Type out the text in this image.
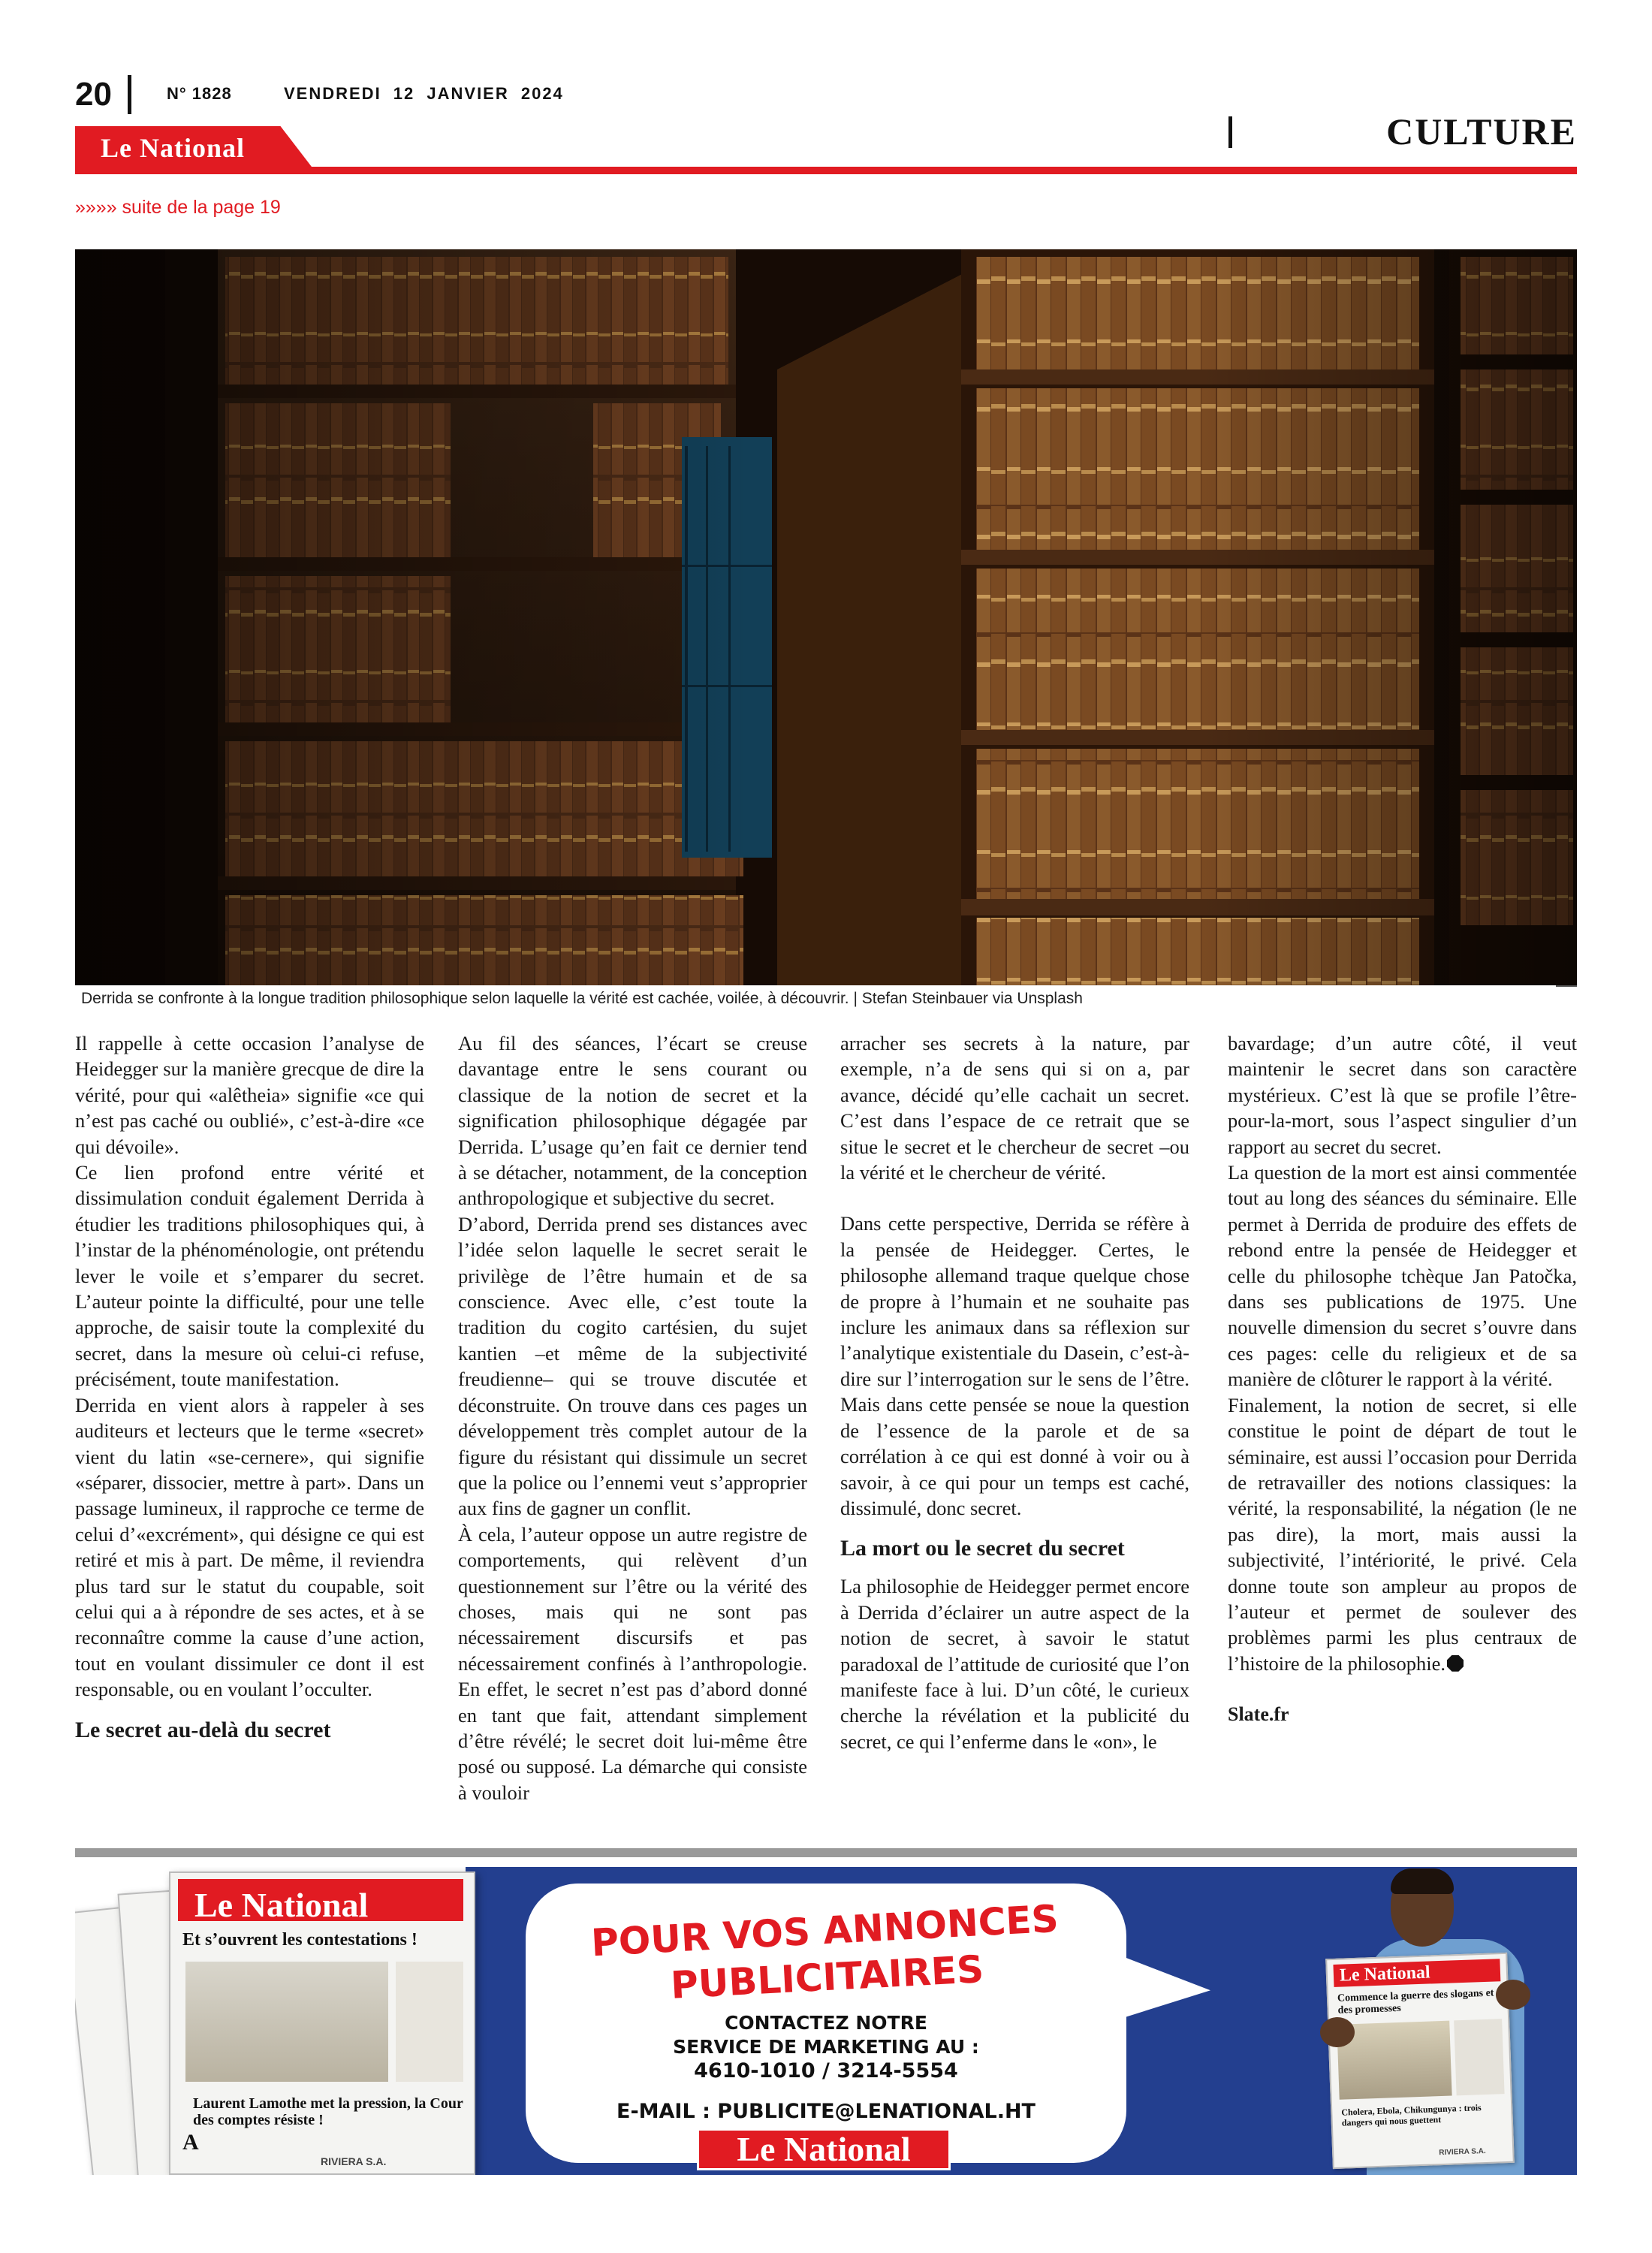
20	N° 1828	VENDREDI 12 JANVIER 2024
CULTURE
Le National
»»»» suite de la page 19
Derrida se confronte à la longue tradition philosophique selon laquelle la vérité est cachée, voilée, à découvrir. | Stefan Steinbauer via Unsplash

Il rappelle à cette occasion l’analyse de Heidegger sur la manière grecque de dire la vérité, pour qui «alêtheia» signifie «ce qui n’est pas caché ou oublié», c’est-à-dire «ce qui dévoile».

Ce lien profond entre vérité et dissimulation conduit également Derrida à étudier les traditions philosophiques qui, à l’instar de la phénoménologie, ont prétendu lever le voile et s’emparer du secret. L’auteur pointe la difficulté, pour une telle approche, de saisir toute la complexité du secret, dans la mesure où celui-ci refuse, précisément, toute manifestation.

Derrida en vient alors à rappeler à ses auditeurs et lecteurs que le terme «secret» vient du latin «se-cernere», qui signifie «séparer, dissocier, mettre à part». Dans un passage lumineux, il rapproche ce terme de celui d’«excrément», qui désigne ce qui est retiré et mis à part. De même, il reviendra plus tard sur le statut du coupable, soit celui qui a à répondre de ses actes, et à se reconnaître comme la cause d’une action, tout en voulant dissimuler ce dont il est responsable, ou en voulant l’occulter.

Le secret au-delà du secret

Au fil des séances, l’écart se creuse davantage entre le sens courant ou classique de la notion de secret et la signification philosophique dégagée par Derrida. L’usage qu’en fait ce dernier tend à se détacher, notamment, de la conception anthropologique et subjective du secret.

D’abord, Derrida prend ses distances avec l’idée selon laquelle le secret serait le privilège de l’être humain et de sa conscience. Avec elle, c’est toute la tradition du cogito cartésien, du sujet kantien –et même de la subjectivité freudienne– qui se trouve discutée et déconstruite. On trouve dans ces pages un développement très complet autour de la figure du résistant qui dissimule un secret que la police ou l’ennemi veut s’approprier aux fins de gagner un conflit.

À cela, l’auteur oppose un autre registre de comportements, qui relèvent d’un questionnement sur l’être ou la vérité des choses, mais qui ne sont pas nécessairement discursifs et pas nécessairement confinés à l’anthropologie. En effet, le secret n’est pas d’abord donné en tant que fait, attendant simplement d’être révélé; le secret doit lui-même être posé ou supposé. La démarche qui consiste à vouloir

arracher ses secrets à la nature, par exemple, n’a de sens qui si on a, par avance, décidé qu’elle cachait un secret. C’est dans l’espace de ce retrait que se situe le secret et le chercheur de secret –ou la vérité et le chercheur de vérité.

Dans cette perspective, Derrida se réfère à la pensée de Heidegger. Certes, le philosophe allemand traque quelque chose de propre à l’humain et ne souhaite pas inclure les animaux dans sa réflexion sur l’analytique existentiale du Dasein, c’est-à-dire sur l’interrogation sur le sens de l’être. Mais dans cette pensée se noue la question de l’essence de la parole et de sa corrélation à ce qui est donné à voir ou à savoir, à ce qui pour un temps est caché, dissimulé, donc secret.

La mort ou le secret du secret

La philosophie de Heidegger permet encore à Derrida d’éclairer un autre aspect de la notion de secret, à savoir le statut paradoxal de l’attitude de curiosité que l’on manifeste face à lui. D’un côté, le curieux cherche la révélation et la publicité du secret, ce qui l’enferme dans le «on», le

bavardage; d’un autre côté, il veut maintenir le secret dans son caractère mystérieux. C’est là que se profile l’être-pour-la-mort, sous l’aspect singulier d’un rapport au secret du secret.

La question de la mort est ainsi commentée tout au long des séances du séminaire. Elle permet à Derrida de produire des effets de rebond entre la pensée de Heidegger et celle du philosophe tchèque Jan Patočka, dans ses publications de 1975. Une nouvelle dimension du secret s’ouvre dans ces pages: celle du religieux et de sa manière de clôturer le rapport à la vérité.

Finalement, la notion de secret, si elle constitue le point de départ de tout le séminaire, est aussi l’occasion pour Derrida de retravailler des notions classiques: la vérité, la responsabilité, la négation (le ne pas dire), la mort, mais aussi la subjectivité, l’intériorité, le privé. Cela donne toute son ampleur au propos de l’auteur et permet de soulever des problèmes parmi les plus centraux de l’histoire de la philosophie.

Slate.fr
Le National
Et s’ouvrent les contestations !
Laurent Lamothe met la pression, la Cour des comptes résiste !
A
RIVIERA S.A.
POUR VOS ANNONCES PUBLICITAIRES
CONTACTEZ NOTRE
SERVICE DE MARKETING AU :
4610-1010 / 3214-5554
E-MAIL : PUBLICITE@LENATIONAL.HT
Le National
Le National
Commence la guerre des slogans et des promesses
Cholera, Ebola, Chikungunya : trois dangers qui nous guettent
RIVIERA S.A.
